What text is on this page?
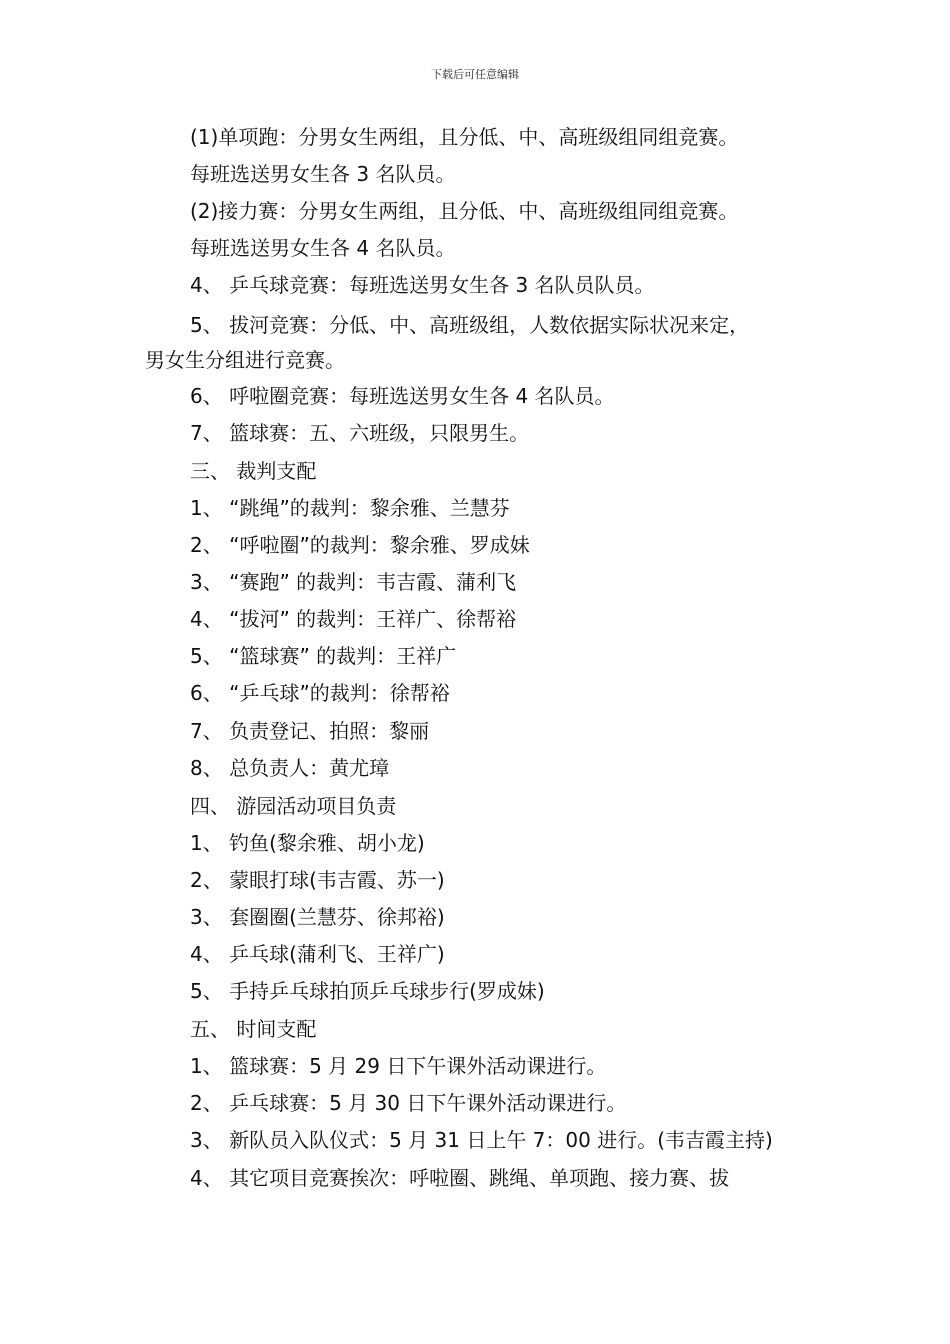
下载后可任意编辑
(1)单项跑：分男女生两组，且分低、中、高班级组同组竞赛。
每班选送男女生各 3 名队员。
(2)接力赛：分男女生两组，且分低、中、高班级组同组竞赛。
每班选送男女生各 4 名队员。
4、 乒乓球竞赛：每班选送男女生各 3 名队员队员。
5、 拔河竞赛：分低、中、高班级组，人数依据实际状况来定，
男女生分组进行竞赛。
6、 呼啦圈竞赛：每班选送男女生各 4 名队员。
7、 篮球赛：五、六班级，只限男生。
三、 裁判支配
1、 “跳绳”的裁判：黎余雅、兰慧芬
2、 “呼啦圈”的裁判：黎余雅、罗成妹
3、 “赛跑” 的裁判：韦吉霞、蒲利飞
4、 “拔河” 的裁判：王祥广、徐帮裕
5、 “篮球赛” 的裁判：王祥广
6、 “乒乓球”的裁判：徐帮裕
7、 负责登记、拍照：黎丽
8、 总负责人：黄尤璋
四、 游园活动项目负责
1、 钓鱼(黎余雅、胡小龙)
2、 蒙眼打球(韦吉霞、苏一)
3、 套圈圈(兰慧芬、徐邦裕)
4、 乒乓球(蒲利飞、王祥广)
5、 手持乒乓球拍顶乒乓球步行(罗成妹)
五、 时间支配
1、 篮球赛：5 月 29 日下午课外活动课进行。
2、 乒乓球赛：5 月 30 日下午课外活动课进行。
3、 新队员入队仪式：5 月 31 日上午 7：00 进行。(韦吉霞主持)
4、 其它项目竞赛挨次：呼啦圈、跳绳、单项跑、接力赛、拔
